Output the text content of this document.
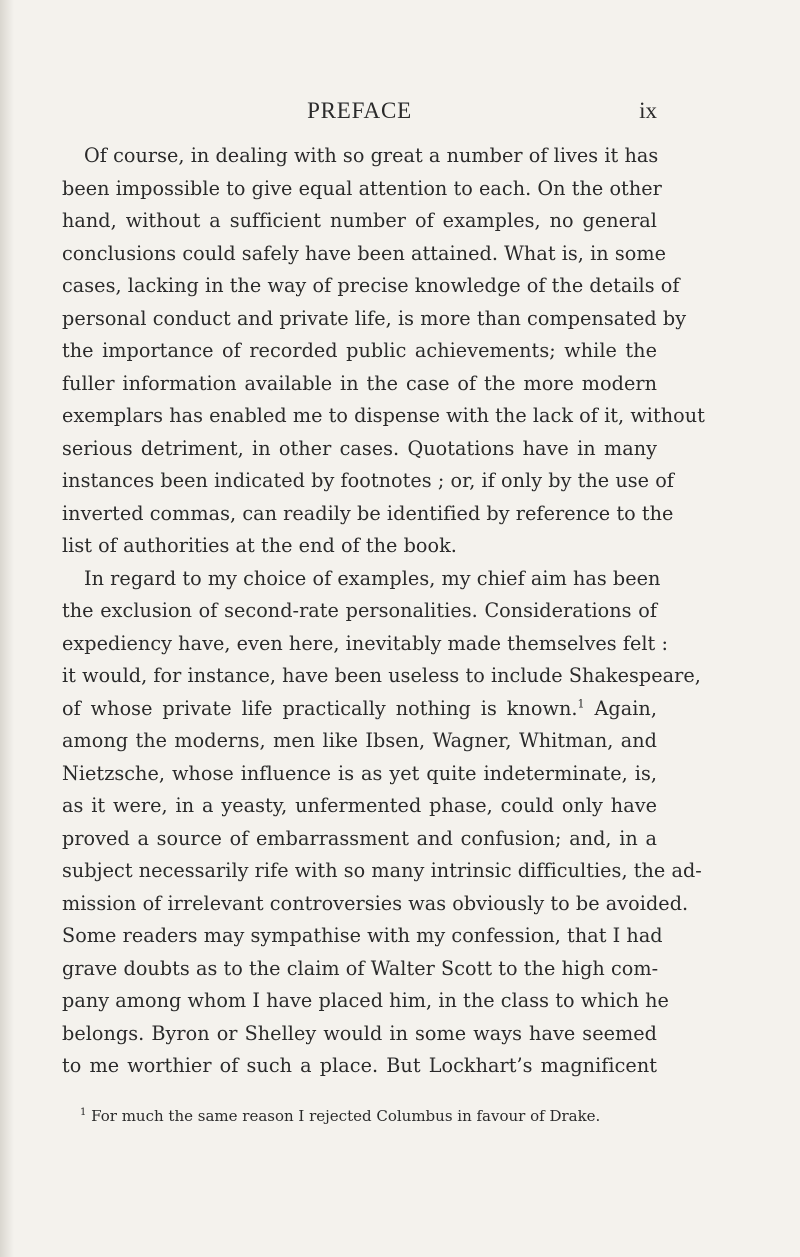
PREFACE	ix

Of course, in dealing with so great a number of lives it has
been impossible to give equal attention to each. On the other
hand, without a sufficient number of examples, no general
conclusions could safely have been attained. What is, in some
cases, lacking in the way of precise knowledge of the details of
personal conduct and private life, is more than compensated by
the importance of recorded public achievements; while the
fuller information available in the case of the more modern
exemplars has enabled me to dispense with the lack of it, without
serious detriment, in other cases. Quotations have in many
instances been indicated by footnotes ; or, if only by the use of
inverted commas, can readily be identified by reference to the
list of authorities at the end of the book.

In regard to my choice of examples, my chief aim has been
the exclusion of second-rate personalities. Considerations of
expediency have, even here, inevitably made themselves felt :
it would, for instance, have been useless to include Shakespeare,
of whose private life practically nothing is known.$^1$ Again,
among the moderns, men like Ibsen, Wagner, Whitman, and
Nietzsche, whose influence is as yet quite indeterminate, is,
as it were, in a yeasty, unfermented phase, could only have
proved a source of embarrassment and confusion; and, in a
subject necessarily rife with so many intrinsic difficulties, the ad-
mission of irrelevant controversies was obviously to be avoided.
Some readers may sympathise with my confession, that I had
grave doubts as to the claim of Walter Scott to the high com-
pany among whom I have placed him, in the class to which he
belongs. Byron or Shelley would in some ways have seemed
to me worthier of such a place. But Lockhart’s magnificent

$^1$ For much the same reason I rejected Columbus in favour of Drake.
